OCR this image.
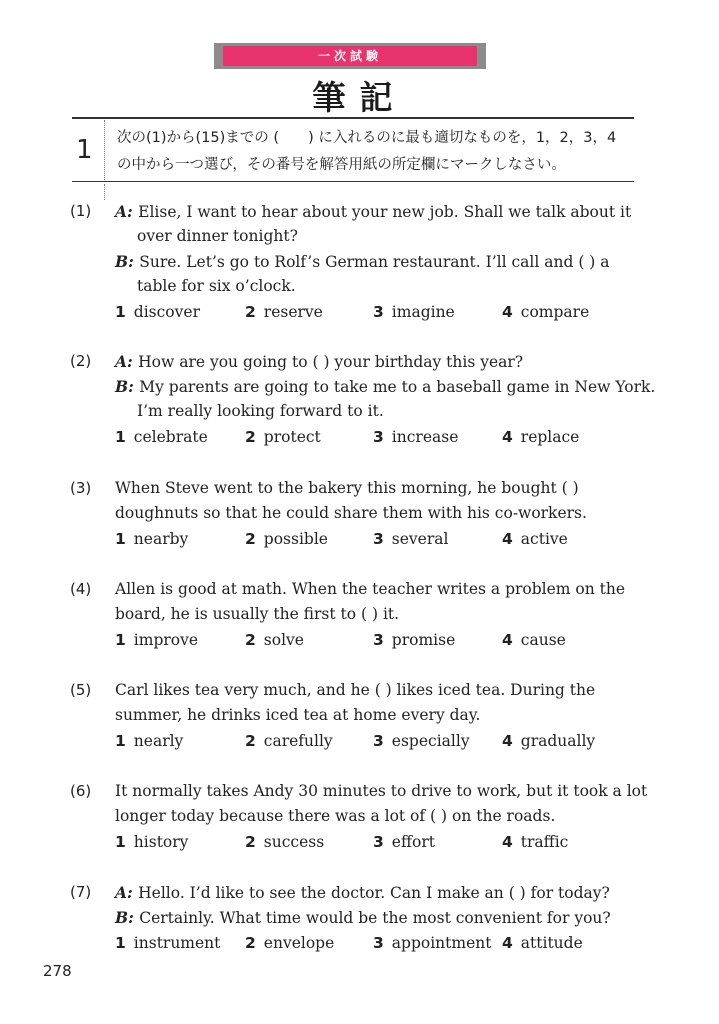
一次試験
筆記
1	次の(1)から(15)までの (　　) に入れるのに最も適切なものを，1，2，3，4
の中から一つ選び，その番号を解答用紙の所定欄にマークしなさい。
(1) A: Elise, I want to hear about your new job. Shall we talk about it
over dinner tonight?
B: Sure. Let’s go to Rolf’s German restaurant. I’ll call and ( ) a
table for six o’clock.
1 discover	2 reserve	3 imagine	4 compare
(2) A: How are you going to ( ) your birthday this year?
B: My parents are going to take me to a baseball game in New York.
I’m really looking forward to it.
1 celebrate 2 protect	3 increase	4 replace
(3) When Steve went to the bakery this morning, he bought ( )
doughnuts so that he could share them with his co-workers.
1 nearby	2 possible	3 several	4 active
(4) Allen is good at math. When the teacher writes a problem on the
board, he is usually the first to ( ) it.
1 improve	2 solve	3 promise	4 cause
(5) Carl likes tea very much, and he ( ) likes iced tea. During the
summer, he drinks iced tea at home every day.
1 nearly	2 carefully	3 especially 4 gradually
(6) It normally takes Andy 30 minutes to drive to work, but it took a lot
longer today because there was a lot of ( ) on the roads.
1 history	2 success	3 effort	4 traffic
(7) A: Hello. I’d like to see the doctor. Can I make an ( ) for today?
B: Certainly. What time would be the most convenient for you?
1 instrument 2 envelope 3 appointment 4 attitude
278
